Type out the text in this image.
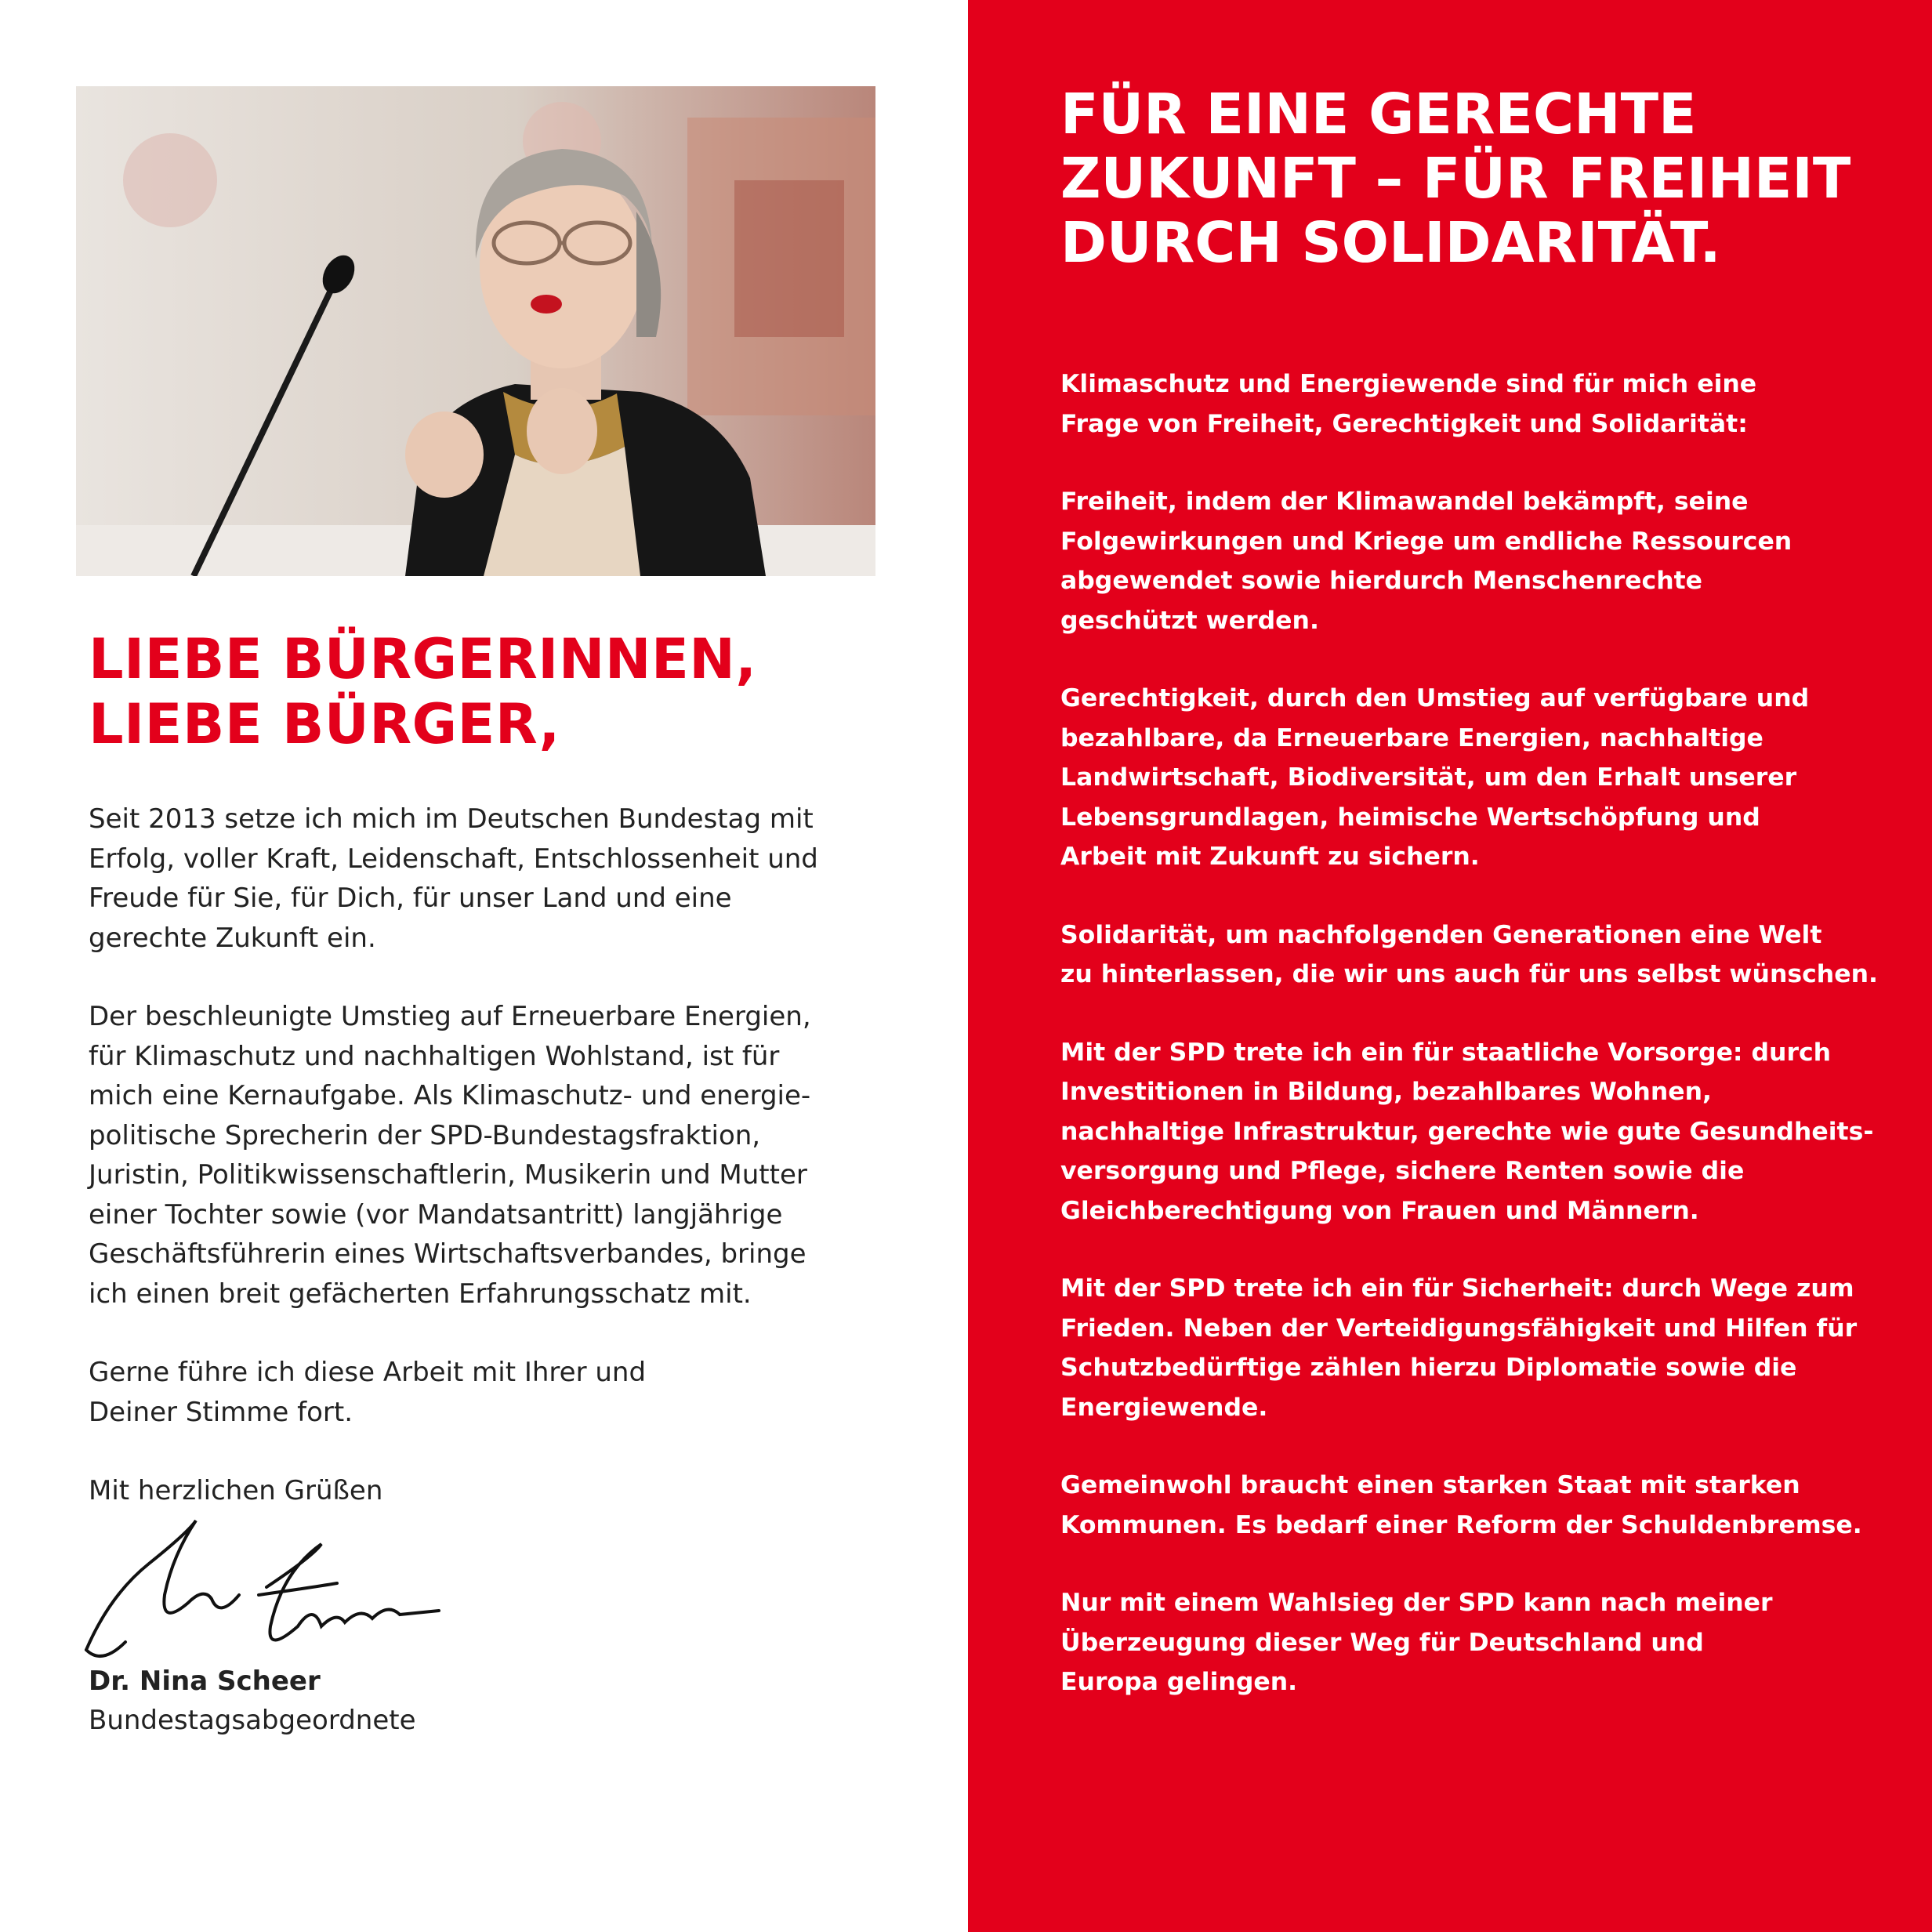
LIEBE BÜRGERINNEN,
LIEBE BÜRGER,
Seit 2013 setze ich mich im Deutschen Bundestag mit
Erfolg, voller Kraft, Leidenschaft, Entschlossenheit und
Freude für Sie, für Dich, für unser Land und eine
gerechte Zukunft ein.
Der beschleunigte Umstieg auf Erneuerbare Energien,
für Klimaschutz und nachhaltigen Wohlstand, ist für
mich eine Kernaufgabe. Als Klimaschutz- und energie-
politische Sprecherin der SPD-Bundestagsfraktion,
Juristin, Politikwissenschaftlerin, Musikerin und Mutter
einer Tochter sowie (vor Mandatsantritt) langjährige
Geschäftsführerin eines Wirtschaftsverbandes, bringe
ich einen breit gefächerten Erfahrungsschatz mit.
Gerne führe ich diese Arbeit mit Ihrer und
Deiner Stimme fort.
Mit herzlichen Grüßen
Dr. Nina Scheer
Bundestagsabgeordnete
FÜR EINE GERECHTE
ZUKUNFT – FÜR FREIHEIT
DURCH SOLIDARITÄT.
Klimaschutz und Energiewende sind für mich eine
Frage von Freiheit, Gerechtigkeit und Solidarität:
Freiheit, indem der Klimawandel bekämpft, seine
Folgewirkungen und Kriege um endliche Ressourcen
abgewendet sowie hierdurch Menschenrechte
geschützt werden.
Gerechtigkeit, durch den Umstieg auf verfügbare und
bezahlbare, da Erneuerbare Energien, nachhaltige
Landwirtschaft, Biodiversität, um den Erhalt unserer
Lebensgrundlagen, heimische Wertschöpfung und
Arbeit mit Zukunft zu sichern.
Solidarität, um nachfolgenden Generationen eine Welt
zu hinterlassen, die wir uns auch für uns selbst wünschen.
Mit der SPD trete ich ein für staatliche Vorsorge: durch
Investitionen in Bildung, bezahlbares Wohnen,
nachhaltige Infrastruktur, gerechte wie gute Gesundheits-
versorgung und Pflege, sichere Renten sowie die
Gleichberechtigung von Frauen und Männern.
Mit der SPD trete ich ein für Sicherheit: durch Wege zum
Frieden. Neben der Verteidigungsfähigkeit und Hilfen für
Schutzbedürftige zählen hierzu Diplomatie sowie die
Energiewende.
Gemeinwohl braucht einen starken Staat mit starken
Kommunen. Es bedarf einer Reform der Schuldenbremse.
Nur mit einem Wahlsieg der SPD kann nach meiner
Überzeugung dieser Weg für Deutschland und
Europa gelingen.
